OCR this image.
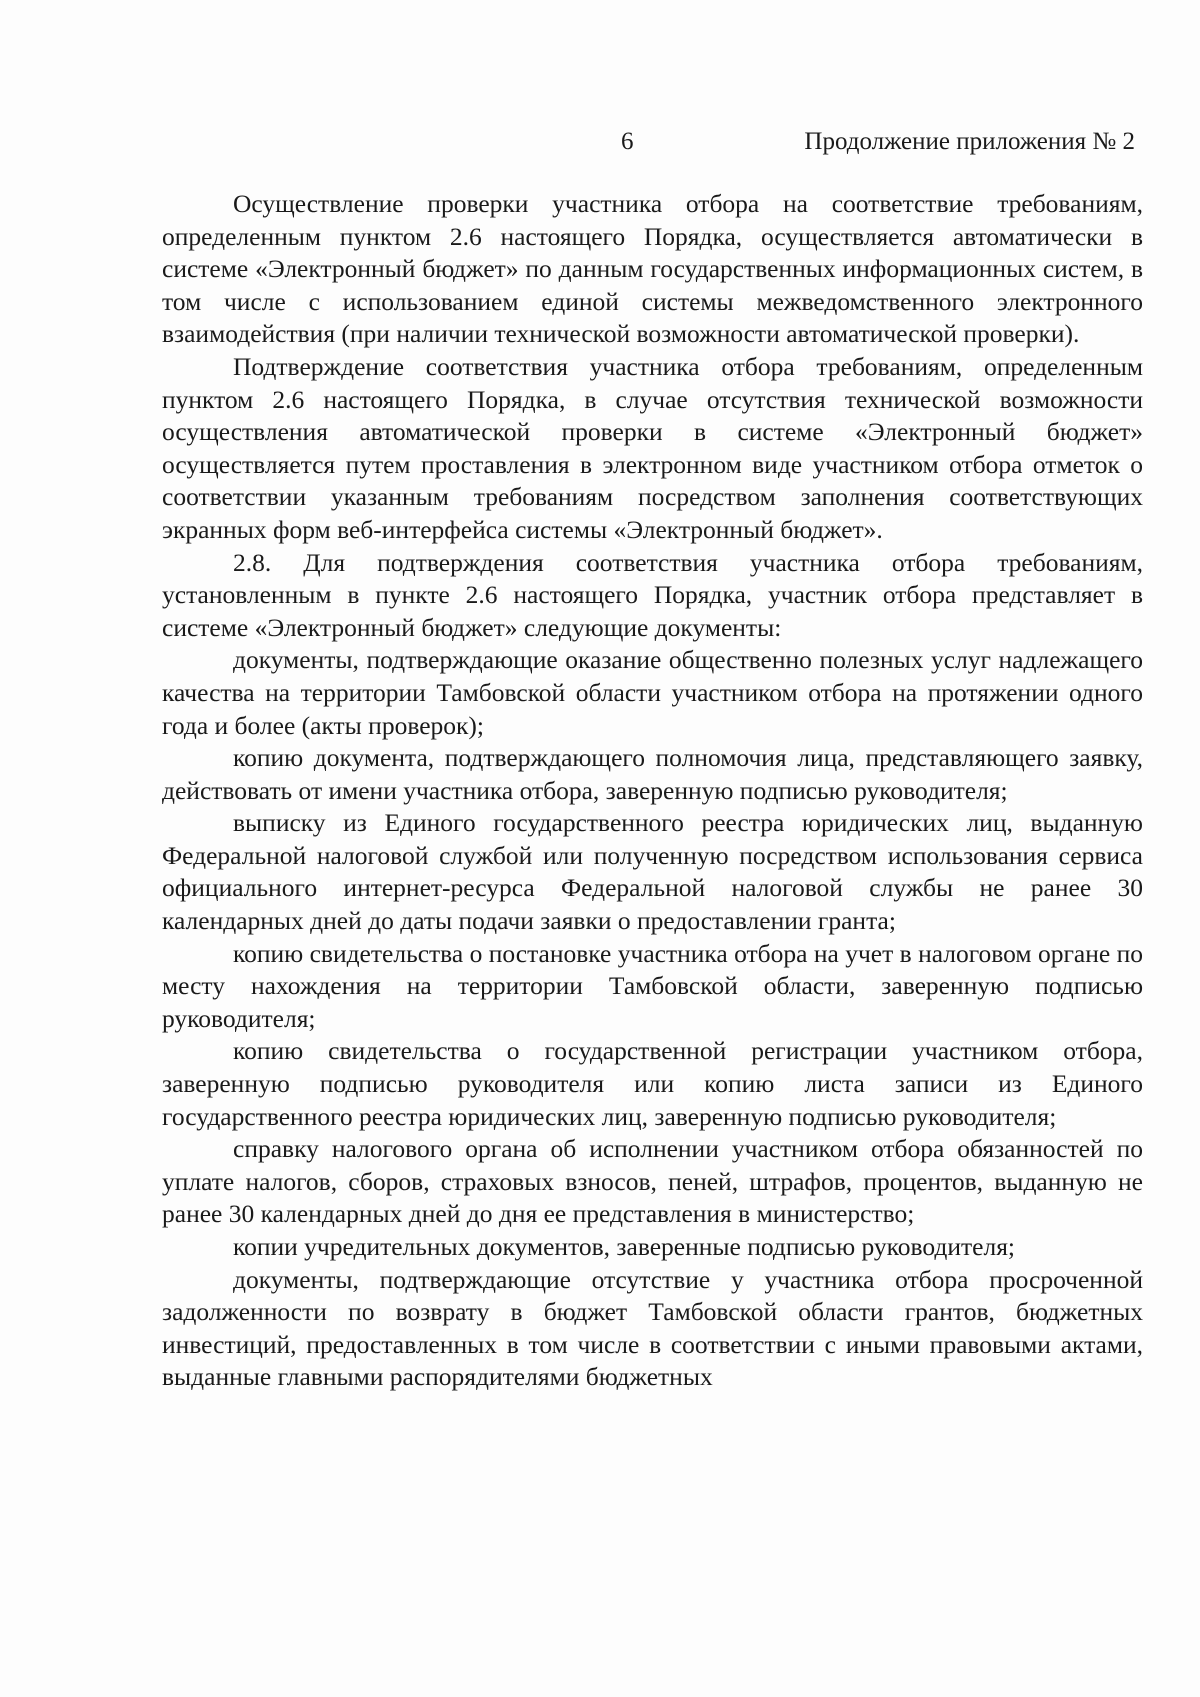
6	Продолжение приложения № 2

Осуществление проверки участника отбора на соответствие требованиям, определенным пунктом 2.6 настоящего Порядка, осуществляется автоматически в системе «Электронный бюджет» по данным государственных информационных систем, в том числе с использованием единой системы межведомственного электронного взаимодействия (при наличии технической возможности автоматической проверки).

Подтверждение соответствия участника отбора требованиям, определенным пунктом 2.6 настоящего Порядка, в случае отсутствия технической возможности осуществления автоматической проверки в системе «Электронный бюджет» осуществляется путем проставления в электронном виде участником отбора отметок о соответствии указанным требованиям посредством заполнения соответствующих экранных форм веб-интерфейса системы «Электронный бюджет».

2.8. Для подтверждения соответствия участника отбора требованиям, установленным в пункте 2.6 настоящего Порядка, участник отбора представляет в системе «Электронный бюджет» следующие документы:

документы, подтверждающие оказание общественно полезных услуг надлежащего качества на территории Тамбовской области участником отбора на протяжении одного года и более (акты проверок);

копию документа, подтверждающего полномочия лица, представляющего заявку, действовать от имени участника отбора, заверенную подписью руководителя;

выписку из Единого государственного реестра юридических лиц, выданную Федеральной налоговой службой или полученную посредством использования сервиса официального интернет-ресурса Федеральной налоговой службы не ранее 30 календарных дней до даты подачи заявки о предоставлении гранта;

копию свидетельства о постановке участника отбора на учет в налоговом органе по месту нахождения на территории Тамбовской области, заверенную подписью руководителя;

копию свидетельства о государственной регистрации участником отбора, заверенную подписью руководителя или копию листа записи из Единого государственного реестра юридических лиц, заверенную подписью руководителя;

справку налогового органа об исполнении участником отбора обязанностей по уплате налогов, сборов, страховых взносов, пеней, штрафов, процентов, выданную не ранее 30 календарных дней до дня ее представления в министерство;

копии учредительных документов, заверенные подписью руководителя;

документы, подтверждающие отсутствие у участника отбора просроченной задолженности по возврату в бюджет Тамбовской области грантов, бюджетных инвестиций, предоставленных в том числе в соответствии с иными правовыми актами, выданные главными распорядителями бюджетных
